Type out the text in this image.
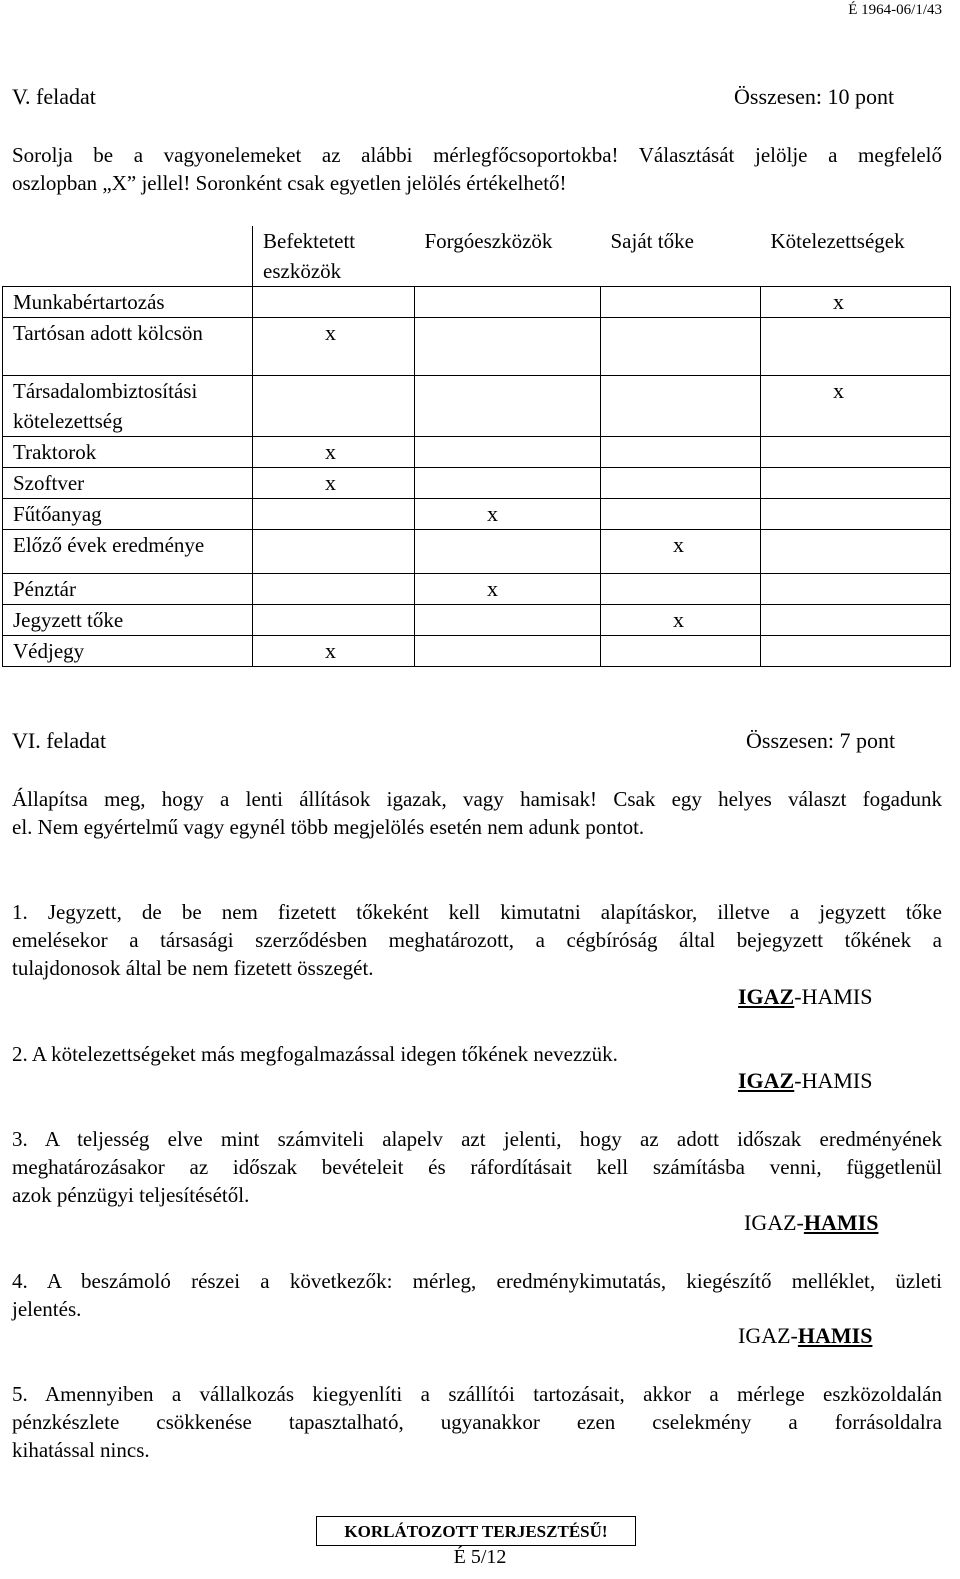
É 1964-06/1/43
V. feladat	Összesen: 10 pont
Sorolja be a vagyonelemeket az alábbi mérlegfőcsoportokba! Választását jelölje a megfelelő
oszlopban „X” jellel! Soronként csak egyetlen jelölés értékelhető!
	Befektetett eszközök	Forgóeszközök	Saját tőke	Kötelezettségek
Munkabértartozás				x
Tartósan adott kölcsön	x			
Társadalombiztosítási kötelezettség				x
Traktorok	x			
Szoftver	x			
Fűtőanyag		x		
Előző évek eredménye			x	
Pénztár		x		
Jegyzett tőke			x	
Védjegy	x			
VI. feladat	Összesen: 7 pont
Állapítsa meg, hogy a lenti állítások igazak, vagy hamisak! Csak egy helyes választ fogadunk
el. Nem egyértelmű vagy egynél több megjelölés esetén nem adunk pontot.
1. Jegyzett, de be nem fizetett tőkeként kell kimutatni alapításkor, illetve a jegyzett tőke
emelésekor a társasági szerződésben meghatározott, a cégbíróság által bejegyzett tőkének a
tulajdonosok által be nem fizetett összegét.
IGAZ-HAMIS
2. A kötelezettségeket más megfogalmazással idegen tőkének nevezzük.
IGAZ-HAMIS
3. A teljesség elve mint számviteli alapelv azt jelenti, hogy az adott időszak eredményének
meghatározásakor az időszak bevételeit és ráfordításait kell számításba venni, függetlenül
azok pénzügyi teljesítésétől.
IGAZ-HAMIS
4. A beszámoló részei a következők: mérleg, eredménykimutatás, kiegészítő melléklet, üzleti
jelentés.
IGAZ-HAMIS
5. Amennyiben a vállalkozás kiegyenlíti a szállítói tartozásait, akkor a mérlege eszközoldalán
pénzkészlete csökkenése tapasztalható, ugyanakkor ezen cselekmény a forrásoldalra
kihatással nincs.
KORLÁTOZOTT TERJESZTÉSŰ!
É 5/12
